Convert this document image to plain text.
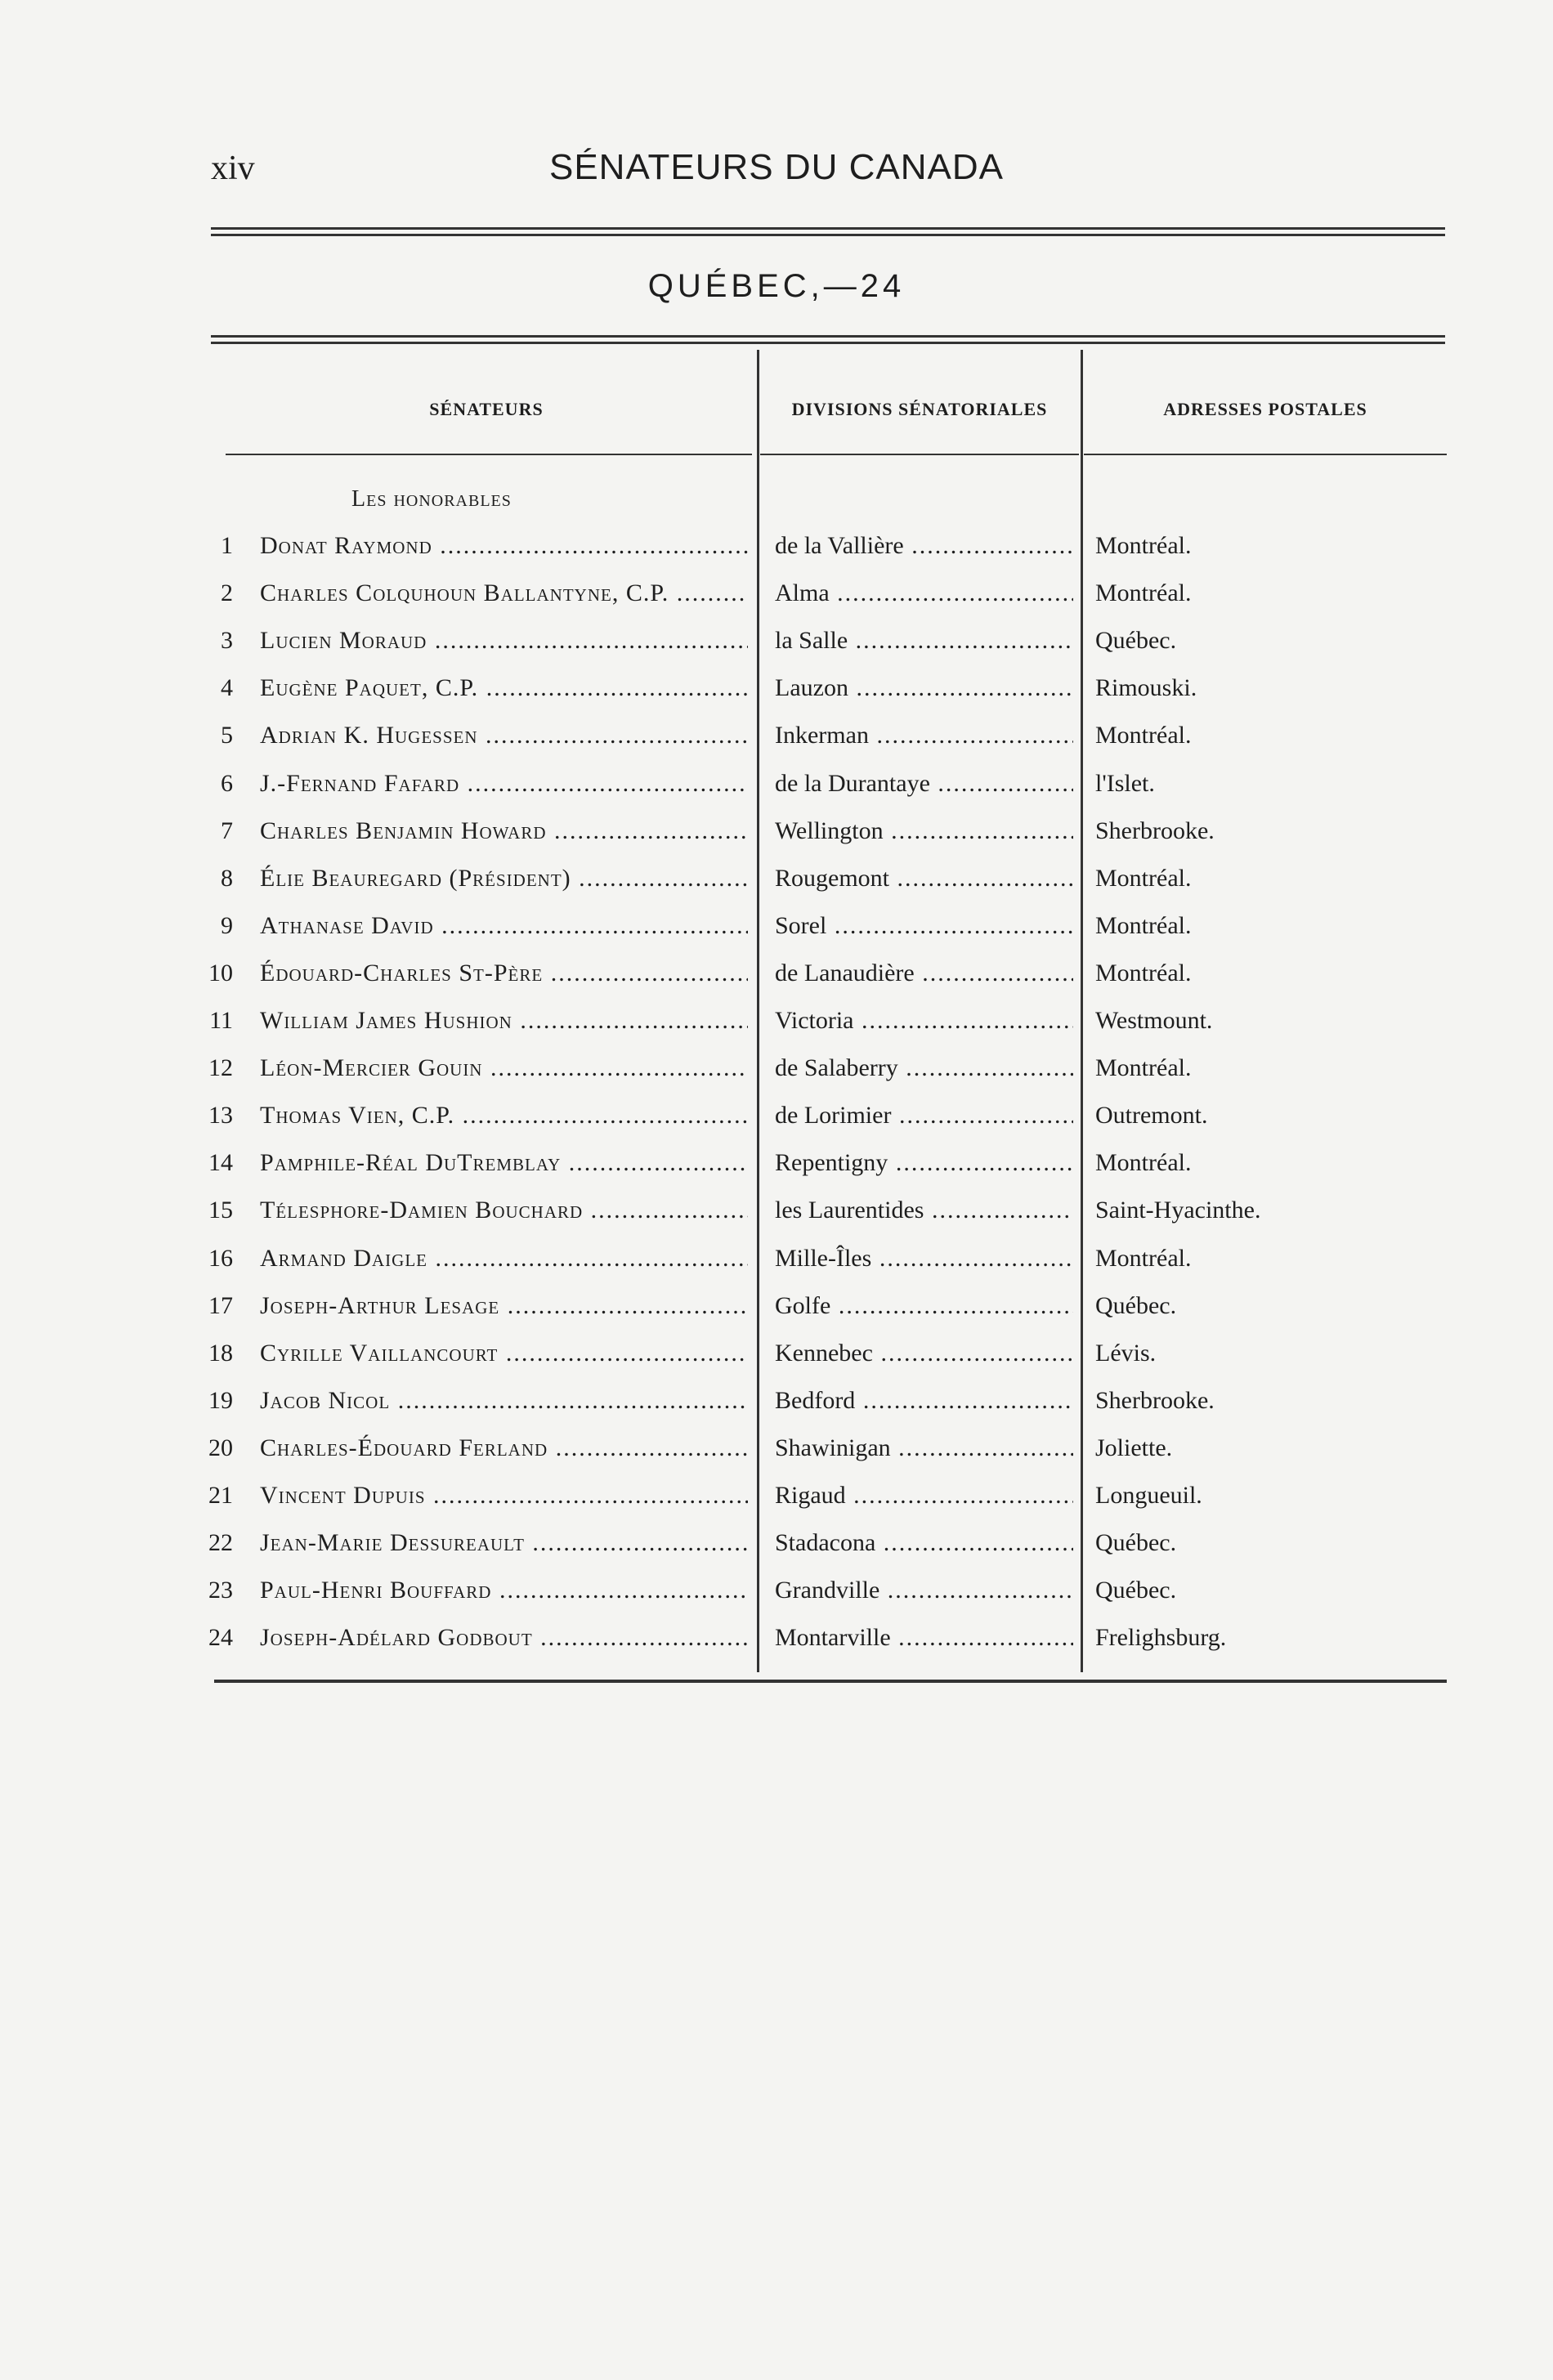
xiv	SÉNATEURS DU CANADA
QUÉBEC,—24
SÉNATEURS	DIVISIONS SÉNATORIALES	ADRESSES POSTALES
Les honorables
1 Donat Raymond .....	de la Vallière .....	Montréal.
2 Charles Colquhoun Ballantyne, C.P. .....	Alma .....	Montréal.
3 Lucien Moraud .....	la Salle .....	Québec.
4 Eugène Paquet, C.P. .....	Lauzon .....	Rimouski.
5 Adrian K. Hugessen .....	Inkerman .....	Montréal.
6 J.-Fernand Fafard .....	de la Durantaye .....	l'Islet.
7 Charles Benjamin Howard .....	Wellington .....	Sherbrooke.
8 Élie Beauregard (Président) .....	Rougemont .....	Montréal.
9 Athanase David .....	Sorel .....	Montréal.
10 Édouard-Charles St-Père .....	de Lanaudière .....	Montréal.
11 William James Hushion .....	Victoria .....	Westmount.
12 Léon-Mercier Gouin .....	de Salaberry .....	Montréal.
13 Thomas Vien, C.P. .....	de Lorimier .....	Outremont.
14 Pamphile-Réal DuTremblay .....	Repentigny .....	Montréal.
15 Télesphore-Damien Bouchard .....	les Laurentides .....	Saint-Hyacinthe.
16 Armand Daigle .....	Mille-Îles .....	Montréal.
17 Joseph-Arthur Lesage .....	Golfe .....	Québec.
18 Cyrille Vaillancourt .....	Kennebec .....	Lévis.
19 Jacob Nicol .....	Bedford .....	Sherbrooke.
20 Charles-Édouard Ferland .....	Shawinigan .....	Joliette.
21 Vincent Dupuis .....	Rigaud .....	Longueuil.
22 Jean-Marie Dessureault .....	Stadacona .....	Québec.
23 Paul-Henri Bouffard .....	Grandville .....	Québec.
24 Joseph-Adélard Godbout .....	Montarville .....	Frelighsburg.
